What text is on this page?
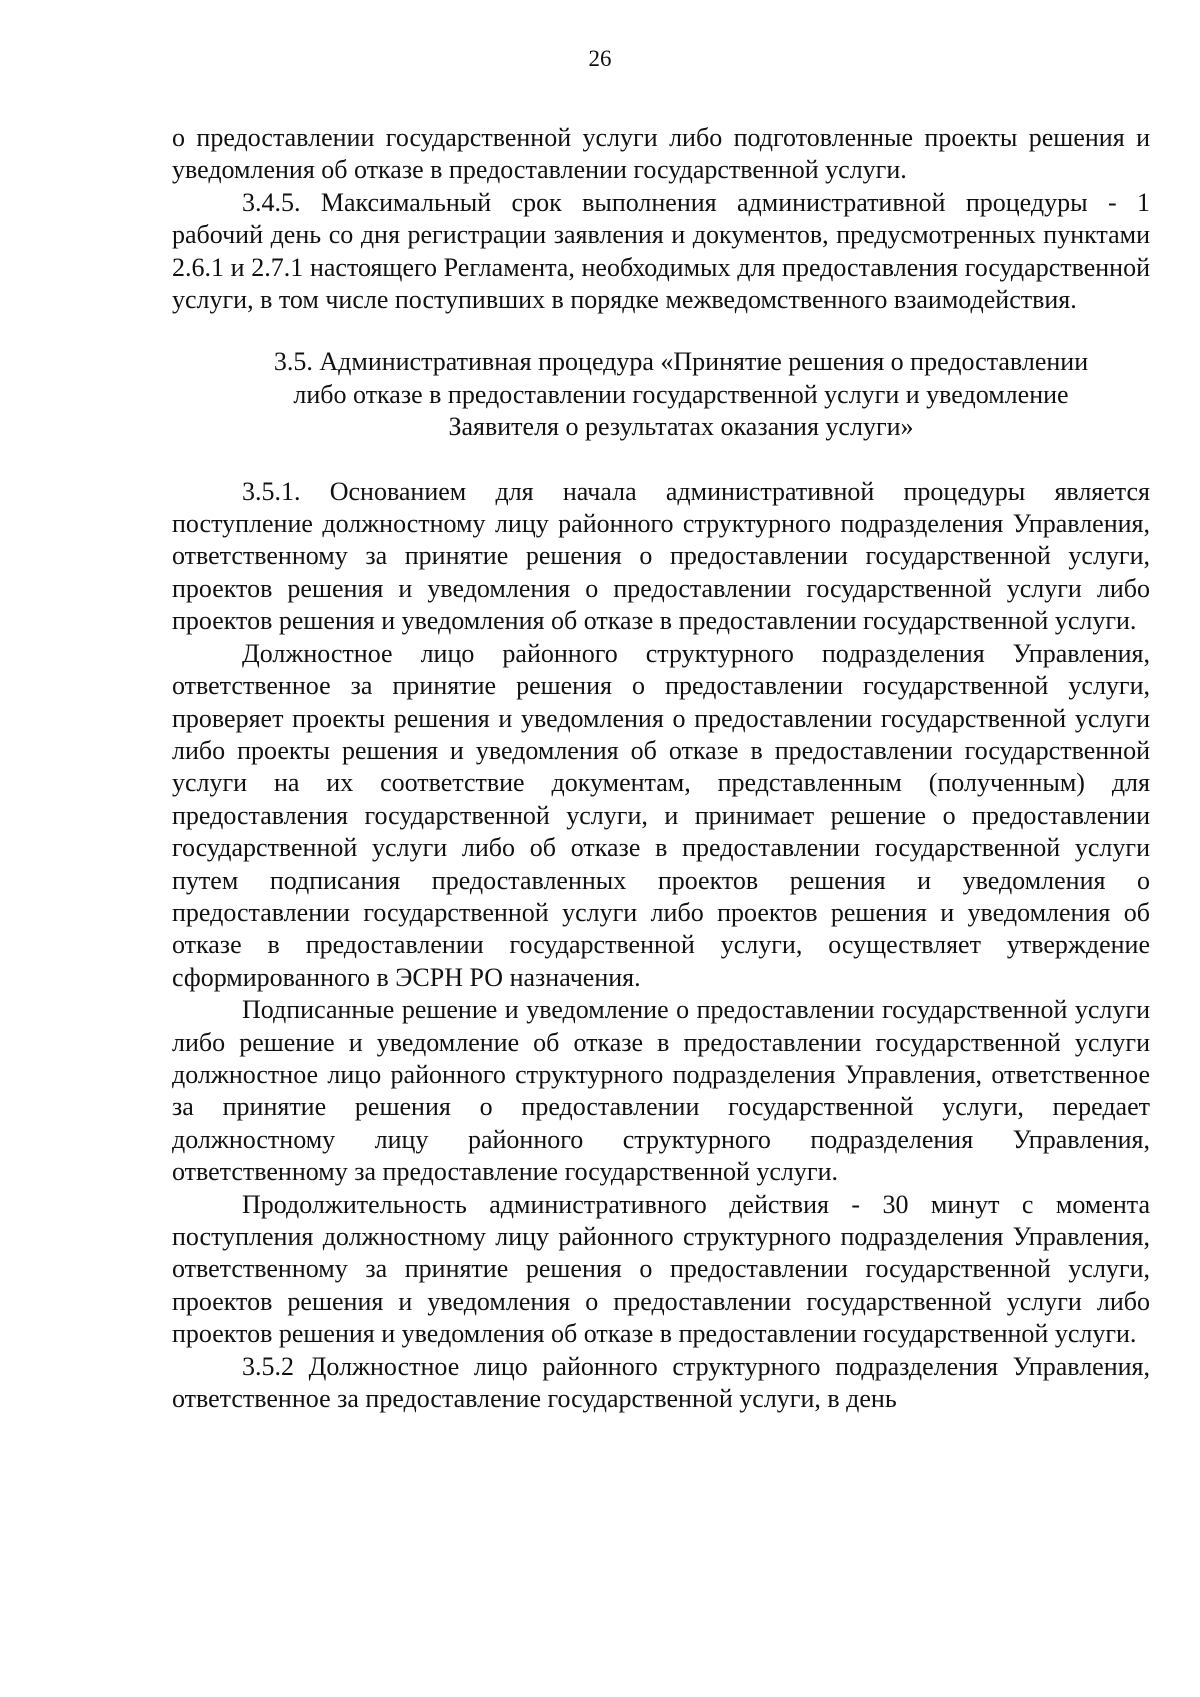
26

о предоставлении государственной услуги либо подготовленные проекты решения и уведомления об отказе в предоставлении государственной услуги.

3.4.5. Максимальный срок выполнения административной процедуры - 1 рабочий день со дня регистрации заявления и документов, предусмотренных пунктами 2.6.1 и 2.7.1 настоящего Регламента, необходимых для предоставления государственной услуги, в том числе поступивших в порядке межведомственного взаимодействия.

3.5. Административная процедура «Принятие решения о предоставлении
либо отказе в предоставлении государственной услуги и уведомление
Заявителя о результатах оказания услуги»

3.5.1. Основанием для начала административной процедуры является поступление должностному лицу районного структурного подразделения Управления, ответственному за принятие решения о предоставлении государственной услуги, проектов решения и уведомления о предоставлении государственной услуги либо проектов решения и уведомления об отказе в предоставлении государственной услуги.

Должностное лицо районного структурного подразделения Управления, ответственное за принятие решения о предоставлении государственной услуги, проверяет проекты решения и уведомления о предоставлении государственной услуги либо проекты решения и уведомления об отказе в предоставлении государственной услуги на их соответствие документам, представленным (полученным) для предоставления государственной услуги, и принимает решение о предоставлении государственной услуги либо об отказе в предоставлении государственной услуги путем подписания предоставленных проектов решения и уведомления о предоставлении государственной услуги либо проектов решения и уведомления об отказе в предоставлении государственной услуги, осуществляет утверждение сформированного в ЭСРН РО назначения.

Подписанные решение и уведомление о предоставлении государственной услуги либо решение и уведомление об отказе в предоставлении государственной услуги должностное лицо районного структурного подразделения Управления, ответственное за принятие решения о предоставлении государственной услуги, передает должностному лицу районного структурного подразделения Управления, ответственному за предоставление государственной услуги.

Продолжительность административного действия - 30 минут с момента поступления должностному лицу районного структурного подразделения Управления, ответственному за принятие решения о предоставлении государственной услуги, проектов решения и уведомления о предоставлении государственной услуги либо проектов решения и уведомления об отказе в предоставлении государственной услуги.

3.5.2 Должностное лицо районного структурного подразделения Управления, ответственное за предоставление государственной услуги, в день
